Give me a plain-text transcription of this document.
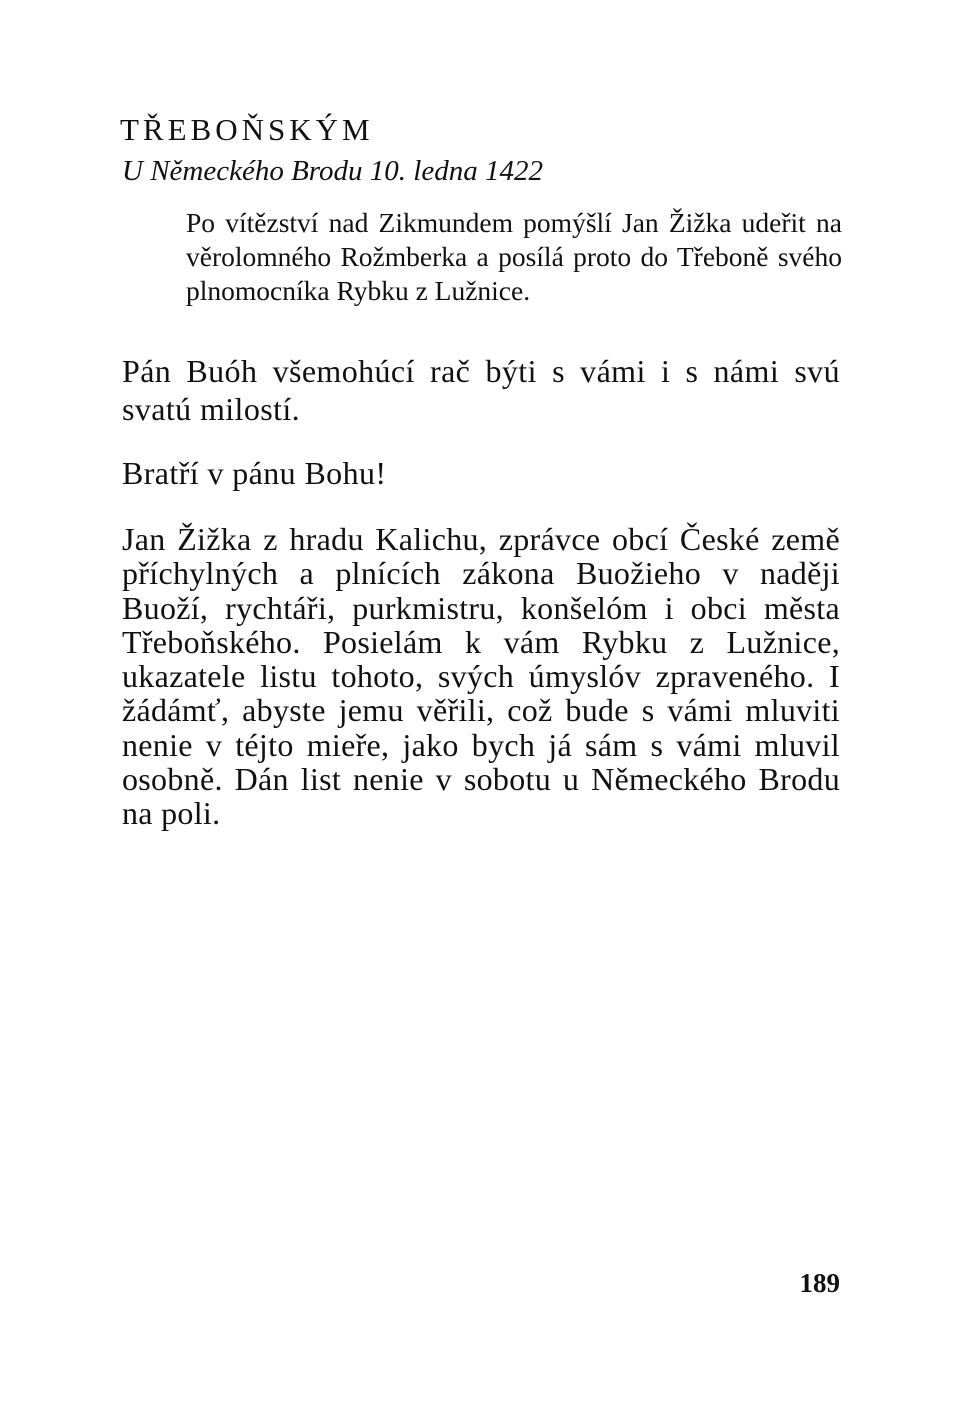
TŘEBOŇSKÝM

U Německého Brodu 10. ledna 1422

Po vítězství nad Zikmundem pomýšlí Jan Žižka udeřit na věrolomného Rožmberka a posílá proto do Třeboně svého plnomocníka Rybku z Lužnice.

Pán Buóh všemohúcí rač býti s vámi i s námi svú svatú milostí.

Bratří v pánu Bohu!

Jan Žižka z hradu Kalichu, zprávce obcí České země příchylných a plnících zákona Buožieho v naději Buoží, rychtáři, purkmistru, konšelóm i obci města Třeboňského. Posielám k vám Rybku z Lužnice, ukazatele listu tohoto, svých úmyslóv zpraveného. I žádámť, abyste jemu věřili, což bude s vámi mluviti nenie v téjto mieře, jako bych já sám s vámi mluvil osobně. Dán list nenie v sobotu u Německého Brodu na poli.

189
